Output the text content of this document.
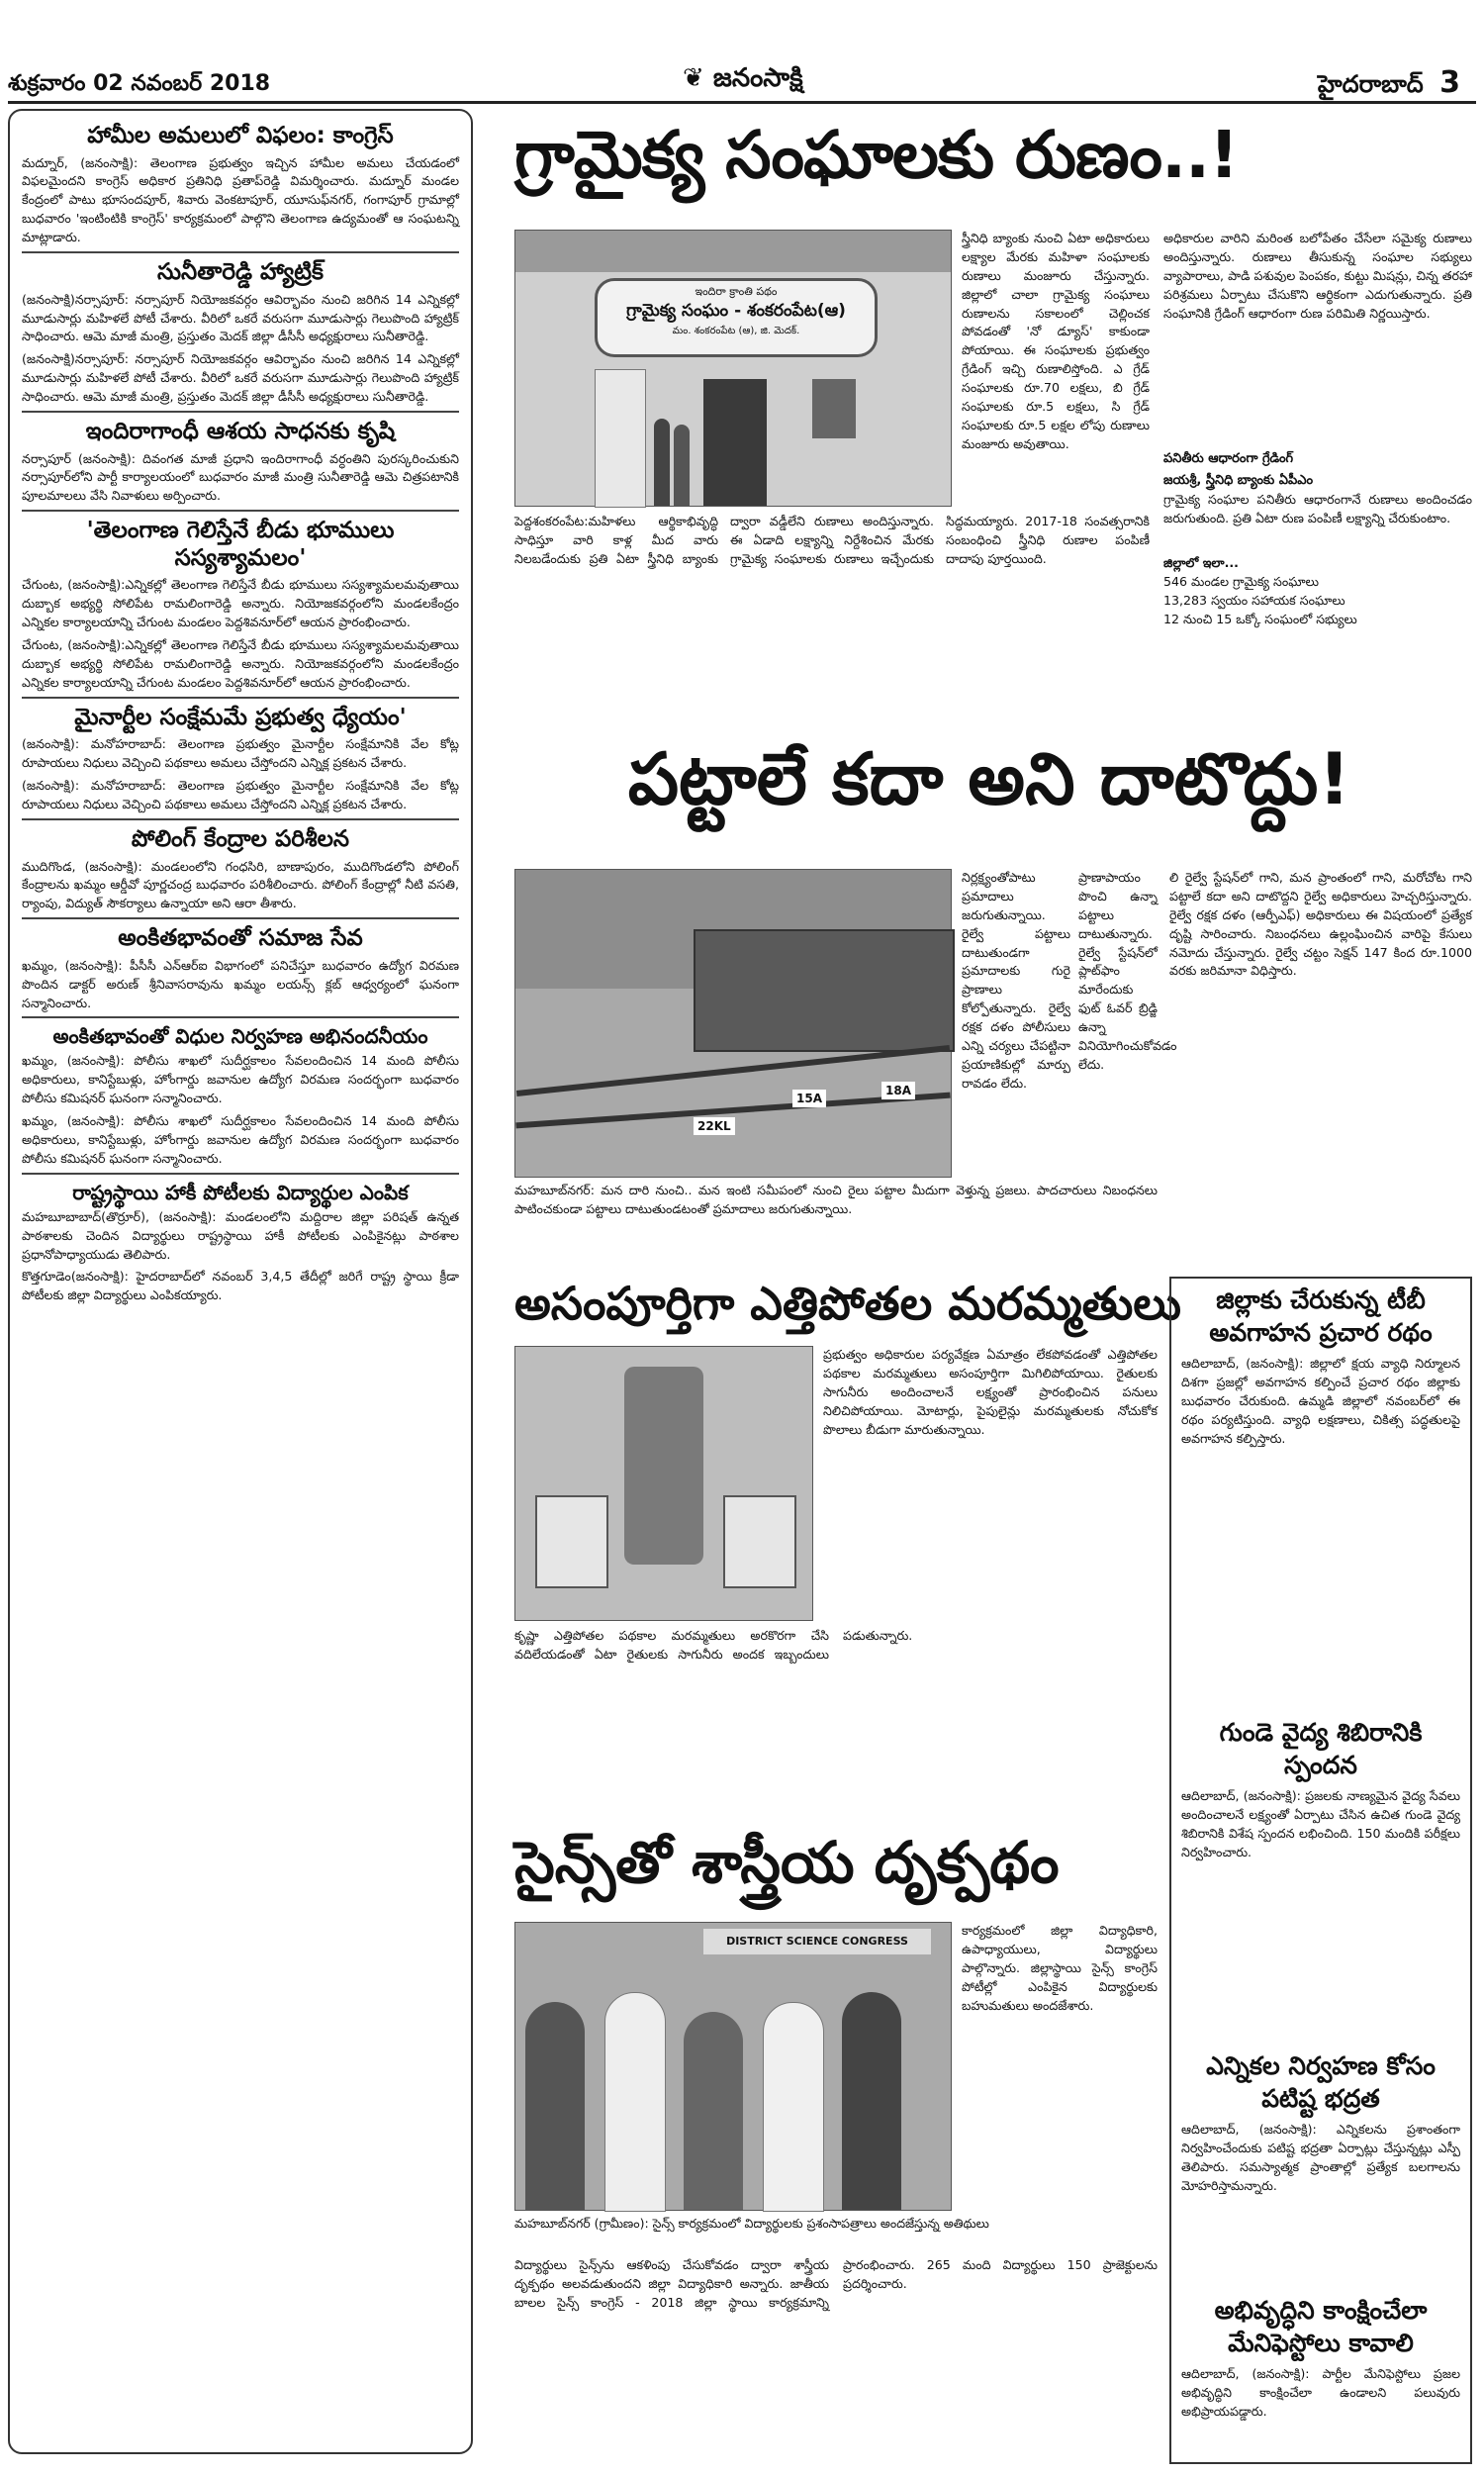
శుక్రవారం 02 నవంబర్ 2018	❦ జనంసాక్షి	హైదరాబాద్ 3
హామీల అమలులో విఫలం: కాంగ్రెస్

మద్నూర్, (జనంసాక్షి): తెలంగాణ ప్రభుత్వం ఇచ్చిన హామీల అమలు చేయడంలో విఫలమైందని కాంగ్రెస్ అధికార ప్రతినిధి ప్రతాప్‌రెడ్డి విమర్శించారు. మద్నూర్ మండల కేంద్రంలో పాటు భూసందపూర్, శివారు వెంకటాపూర్, యూసుఫ్‌నగర్, గంగాపూర్ గ్రామాల్లో బుధవారం 'ఇంటింటికి కాంగ్రెస్' కార్యక్రమంలో పాల్గొని తెలంగాణ ఉద్యమంతో ఆ సంఘటన్ని మాట్లాడారు.

సునీతారెడ్డి హ్యాట్రిక్

(జనంసాక్షి)నర్సాపూర్: నర్సాపూర్ నియోజకవర్గం ఆవిర్భావం నుంచి జరిగిన 14 ఎన్నికల్లో మూడుసార్లు మహిళలే పోటీ చేశారు. వీరిలో ఒకరే వరుసగా మూడుసార్లు గెలుపొంది హ్యాట్రిక్ సాధించారు. ఆమె మాజీ మంత్రి, ప్రస్తుతం మెదక్ జిల్లా డీసీసీ అధ్యక్షురాలు సునీతారెడ్డి.

(జనంసాక్షి)నర్సాపూర్: నర్సాపూర్ నియోజకవర్గం ఆవిర్భావం నుంచి జరిగిన 14 ఎన్నికల్లో మూడుసార్లు మహిళలే పోటీ చేశారు. వీరిలో ఒకరే వరుసగా మూడుసార్లు గెలుపొంది హ్యాట్రిక్ సాధించారు. ఆమె మాజీ మంత్రి, ప్రస్తుతం మెదక్ జిల్లా డీసీసీ అధ్యక్షురాలు సునీతారెడ్డి.

ఇందిరాగాంధీ ఆశయ సాధనకు కృషి

నర్సాపూర్ (జనంసాక్షి): దివంగత మాజీ ప్రధాని ఇందిరాగాంధీ వర్ధంతిని పురస్కరించుకుని నర్సాపూర్‌లోని పార్టీ కార్యాలయంలో బుధవారం మాజీ మంత్రి సునీతారెడ్డి ఆమె చిత్రపటానికి పూలమాలలు వేసి నివాళులు అర్పించారు.

'తెలంగాణ గెలిస్తేనే బీడు భూములు సస్యశ్యామలం'

చేగుంట, (జనంసాక్షి):ఎన్నికల్లో తెలంగాణ గెలిస్తేనే బీడు భూములు సస్యశ్యామలమవుతాయి దుబ్బాక అభ్యర్థి సోలిపేట రామలింగారెడ్డి అన్నారు. నియోజకవర్గంలోని మండలకేంద్రం ఎన్నికల కార్యాలయాన్ని చేగుంట మండలం పెద్దశివనూర్‌లో ఆయన ప్రారంభించారు.

చేగుంట, (జనంసాక్షి):ఎన్నికల్లో తెలంగాణ గెలిస్తేనే బీడు భూములు సస్యశ్యామలమవుతాయి దుబ్బాక అభ్యర్థి సోలిపేట రామలింగారెడ్డి అన్నారు. నియోజకవర్గంలోని మండలకేంద్రం ఎన్నికల కార్యాలయాన్ని చేగుంట మండలం పెద్దశివనూర్‌లో ఆయన ప్రారంభించారు.

మైనార్టీల సంక్షేమమే ప్రభుత్వ ధ్యేయం'

(జనంసాక్షి): మనోహరాబాద్: తెలంగాణ ప్రభుత్వం మైనార్టీల సంక్షేమానికి వేల కోట్ల రూపాయలు నిధులు వెచ్చించి పథకాలు అమలు చేస్తోందని ఎన్నిక్ల ప్రకటన చేశారు.

(జనంసాక్షి): మనోహరాబాద్: తెలంగాణ ప్రభుత్వం మైనార్టీల సంక్షేమానికి వేల కోట్ల రూపాయలు నిధులు వెచ్చించి పథకాలు అమలు చేస్తోందని ఎన్నిక్ల ప్రకటన చేశారు.

పోలింగ్ కేంద్రాల పరిశీలన

ముదిగొండ, (జనంసాక్షి): మండలంలోని గంధసిరి, బాణాపురం, ముదిగొండలోని పోలింగ్ కేంద్రాలను ఖమ్మం ఆర్డీవో పూర్ణచంద్ర బుధవారం పరిశీలించారు. పోలింగ్ కేంద్రాల్లో నీటి వసతి, ర్యాంపు, విద్యుత్ సౌకర్యాలు ఉన్నాయా అని ఆరా తీశారు.

అంకితభావంతో సమాజ సేవ

ఖమ్మం, (జనంసాక్షి): పీసీసీ ఎన్‌ఆర్ఐ విభాగంలో పనిచేస్తూ బుధవారం ఉద్యోగ విరమణ పొందిన డాక్టర్ అరుణ్ శ్రీనివాసరావును ఖమ్మం లయన్స్ క్లబ్ ఆధ్వర్యంలో ఘనంగా సన్మానించారు.

అంకితభావంతో విధుల నిర్వహణ అభినందనీయం

ఖమ్మం, (జనంసాక్షి): పోలీసు శాఖలో సుదీర్ఘకాలం సేవలందించిన 14 మంది పోలీసు అధికారులు, కానిస్టేబుళ్లు, హోంగార్డు జవానుల ఉద్యోగ విరమణ సందర్భంగా బుధవారం పోలీసు కమిషనర్ ఘనంగా సన్మానించారు.

ఖమ్మం, (జనంసాక్షి): పోలీసు శాఖలో సుదీర్ఘకాలం సేవలందించిన 14 మంది పోలీసు అధికారులు, కానిస్టేబుళ్లు, హోంగార్డు జవానుల ఉద్యోగ విరమణ సందర్భంగా బుధవారం పోలీసు కమిషనర్ ఘనంగా సన్మానించారు.

రాష్ట్రస్థాయి హాకీ పోటీలకు విద్యార్థుల ఎంపిక

మహబూబాబాద్(తొర్రూర్), (జనంసాక్షి): మండలంలోని మద్దిరాల జిల్లా పరిషత్ ఉన్నత పాఠశాలకు చెందిన విద్యార్థులు రాష్ట్రస్థాయి హాకీ పోటీలకు ఎంపికైనట్లు పాఠశాల ప్రధానోపాధ్యాయుడు తెలిపారు.

కొత్తగూడెం(జనంసాక్షి): హైదరాబాద్‌లో నవంబర్ 3,4,5 తేదీల్లో జరిగే రాష్ట్ర స్థాయి క్రీడా పోటీలకు జిల్లా విద్యార్థులు ఎంపికయ్యారు.

గ్రామైక్య సంఘాలకు రుణం..!
ఇందిరా క్రాంతి పథం
గ్రామైక్య సంఘం - శంకరంపేట(ఆ)
మం. శంకరంపేట (ఆ), జి. మెదక్.
స్త్రీనిధి బ్యాంకు నుంచి ఏటా అధికారులు లక్ష్యాల మేరకు మహిళా సంఘాలకు రుణాలు మంజూరు చేస్తున్నారు. జిల్లాలో చాలా గ్రామైక్య సంఘాలు రుణాలను సకాలంలో చెల్లించక పోవడంతో 'నో డ్యూస్' కాకుండా పోయాయి. ఈ సంఘాలకు ప్రభుత్వం గ్రేడింగ్ ఇచ్చి రుణాలిస్తోంది. ఎ గ్రేడ్ సంఘాలకు రూ.70 లక్షలు, బి గ్రేడ్ సంఘాలకు రూ.5 లక్షలు, సి గ్రేడ్ సంఘాలకు రూ.5 లక్షల లోపు రుణాలు మంజూరు అవుతాయి.
పెద్దశంకరంపేట:మహిళలు ఆర్థికాభివృద్ధి సాధిస్తూ వారి కాళ్ల మీద వారు నిలబడేందుకు ప్రతి ఏటా స్త్రీనిధి బ్యాంకు ద్వారా వడ్డీలేని రుణాలు అందిస్తున్నారు. ఈ ఏడాది లక్ష్యాన్ని నిర్దేశించిన మేరకు గ్రామైక్య సంఘాలకు రుణాలు ఇచ్చేందుకు సిద్ధమయ్యారు. 2017-18 సంవత్సరానికి సంబంధించి స్త్రీనిధి రుణాల పంపిణీ దాదాపు పూర్తయింది.
అధికారుల వారిని మరింత బలోపేతం చేసేలా సమైక్య రుణాలు అందిస్తున్నారు. రుణాలు తీసుకున్న సంఘాల సభ్యులు వ్యాపారాలు, పాడి పశువుల పెంపకం, కుట్టు మిషన్లు, చిన్న తరహా పరిశ్రమలు ఏర్పాటు చేసుకొని ఆర్థికంగా ఎదుగుతున్నారు. ప్రతి సంఘానికి గ్రేడింగ్ ఆధారంగా రుణ పరిమితి నిర్ణయిస్తారు.
పనితీరు ఆధారంగా గ్రేడింగ్
జయశ్రీ, స్త్రీనిధి బ్యాంకు ఏపీఎం
గ్రామైక్య సంఘాల పనితీరు ఆధారంగానే రుణాలు అందించడం జరుగుతుంది. ప్రతి ఏటా రుణ పంపిణీ లక్ష్యాన్ని చేరుకుంటాం.
జిల్లాలో ఇలా...
546 మండల గ్రామైక్య సంఘాలు
13,283 స్వయం సహాయక సంఘాలు
12 నుంచి 15 ఒక్కో సంఘంలో సభ్యులు
పట్టాలే కదా అని దాటొద్దు!
22KL
15A
18A
నిర్లక్ష్యంతోపాటు ప్రమాదాలు జరుగుతున్నాయి. రైల్వే పట్టాలు దాటుతుండగా ప్రమాదాలకు గురై ప్రాణాలు కోల్పోతున్నారు. రైల్వే రక్షక దళం పోలీసులు ఎన్ని చర్యలు చేపట్టినా ప్రయాణికుల్లో మార్పు రావడం లేదు.
ప్రాణాపాయం పొంచి ఉన్నా పట్టాలు దాటుతున్నారు. రైల్వే స్టేషన్‌లో ప్లాట్‌ఫాం మారేందుకు ఫుట్ ఓవర్ బ్రిడ్జి ఉన్నా వినియోగించుకోవడం లేదు.
లి రైల్వే స్టేషన్‌లో గాని, మన ప్రాంతంలో గాని, మరోచోట గాని పట్టాలే కదా అని దాటొద్దని రైల్వే అధికారులు హెచ్చరిస్తున్నారు. రైల్వే రక్షక దళం (ఆర్పీఎఫ్) అధికారులు ఈ విషయంలో ప్రత్యేక దృష్టి సారించారు. నిబంధనలు ఉల్లంఘించిన వారిపై కేసులు నమోదు చేస్తున్నారు. రైల్వే చట్టం సెక్షన్ 147 కింద రూ.1000 వరకు జరిమానా విధిస్తారు.
మహబూబ్‌నగర్: మన దారి నుంచి.. మన ఇంటి సమీపంలో నుంచి రైలు పట్టాల మీదుగా వెళ్తున్న ప్రజలు. పాదచారులు నిబంధనలు పాటించకుండా పట్టాలు దాటుతుండటంతో ప్రమాదాలు జరుగుతున్నాయి.
అసంపూర్తిగా ఎత్తిపోతల మరమ్మతులు
ప్రభుత్వం అధికారుల పర్యవేక్షణ ఏమాత్రం లేకపోవడంతో ఎత్తిపోతల పథకాల మరమ్మతులు అసంపూర్తిగా మిగిలిపోయాయి. రైతులకు సాగునీరు అందించాలనే లక్ష్యంతో ప్రారంభించిన పనులు నిలిచిపోయాయి. మోటార్లు, పైపులైన్లు మరమ్మతులకు నోచుకోక పొలాలు బీడుగా మారుతున్నాయి.
కృష్ణా ఎత్తిపోతల పథకాల మరమ్మతులు అరకొరగా చేసి వదిలేయడంతో ఏటా రైతులకు సాగునీరు అందక ఇబ్బందులు పడుతున్నారు.
సైన్స్‌తో శాస్త్రీయ దృక్పథం
DISTRICT SCIENCE CONGRESS
కార్యక్రమంలో జిల్లా విద్యాధికారి, ఉపాధ్యాయులు, విద్యార్థులు పాల్గొన్నారు. జిల్లాస్థాయి సైన్స్ కాంగ్రెస్ పోటీల్లో ఎంపికైన విద్యార్థులకు బహుమతులు అందజేశారు.
మహబూబ్‌నగర్ (గ్రామీణం): సైన్స్ కార్యక్రమంలో విద్యార్థులకు ప్రశంసాపత్రాలు అందజేస్తున్న అతిథులు
విద్యార్థులు సైన్స్‌ను ఆకళింపు చేసుకోవడం ద్వారా శాస్త్రీయ దృక్పథం అలవడుతుందని జిల్లా విద్యాధికారి అన్నారు. జాతీయ బాలల సైన్స్ కాంగ్రెస్ - 2018 జిల్లా స్థాయి కార్యక్రమాన్ని ప్రారంభించారు. 265 మంది విద్యార్థులు 150 ప్రాజెక్టులను ప్రదర్శించారు.
జిల్లాకు చేరుకున్న టీబీ అవగాహన ప్రచార రథం
ఆదిలాబాద్, (జనంసాక్షి): జిల్లాలో క్షయ వ్యాధి నిర్మూలన దిశగా ప్రజల్లో అవగాహన కల్పించే ప్రచార రథం జిల్లాకు బుధవారం చేరుకుంది. ఉమ్మడి జిల్లాలో నవంబర్‌లో ఈ రథం పర్యటిస్తుంది. వ్యాధి లక్షణాలు, చికిత్స పద్ధతులపై అవగాహన కల్పిస్తారు.
గుండె వైద్య శిబిరానికి స్పందన
ఆదిలాబాద్, (జనంసాక్షి): ప్రజలకు నాణ్యమైన వైద్య సేవలు అందించాలనే లక్ష్యంతో ఏర్పాటు చేసిన ఉచిత గుండె వైద్య శిబిరానికి విశేష స్పందన లభించింది. 150 మందికి పరీక్షలు నిర్వహించారు.
ఎన్నికల నిర్వహణ కోసం పటిష్ట భద్రత
ఆదిలాబాద్, (జనంసాక్షి): ఎన్నికలను ప్రశాంతంగా నిర్వహించేందుకు పటిష్ట భద్రతా ఏర్పాట్లు చేస్తున్నట్లు ఎస్పీ తెలిపారు. సమస్యాత్మక ప్రాంతాల్లో ప్రత్యేక బలగాలను మోహరిస్తామన్నారు.
అభివృద్ధిని కాంక్షించేలా మేనిఫెస్టోలు కావాలి
ఆదిలాబాద్, (జనంసాక్షి): పార్టీల మేనిఫెస్టోలు ప్రజల అభివృద్ధిని కాంక్షించేలా ఉండాలని పలువురు అభిప్రాయపడ్డారు.
